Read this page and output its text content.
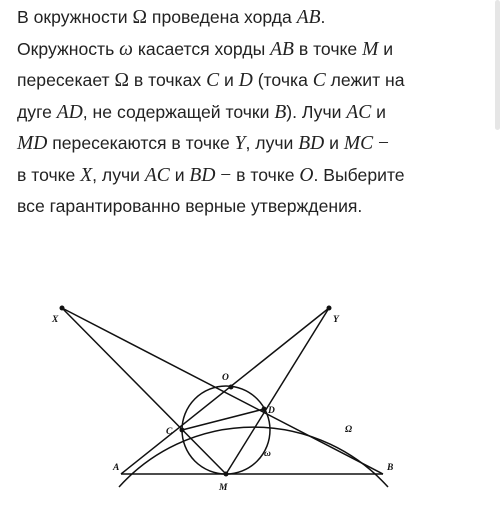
В окружности Ω проведена хорда AB.
Окружность ω касается хорды AB в точке M и
пересекает Ω в точках C и D (точка C лежит на
дуге AD, не содержащей точки B). Лучи AC и
MD пересекаются в точке Y, лучи BD и MC −
в точке X, лучи AC и BD − в точке O. Выберите
все гарантированно верные утверждения.
X	Y
O
D
C
A	B
M
Ω
ω
